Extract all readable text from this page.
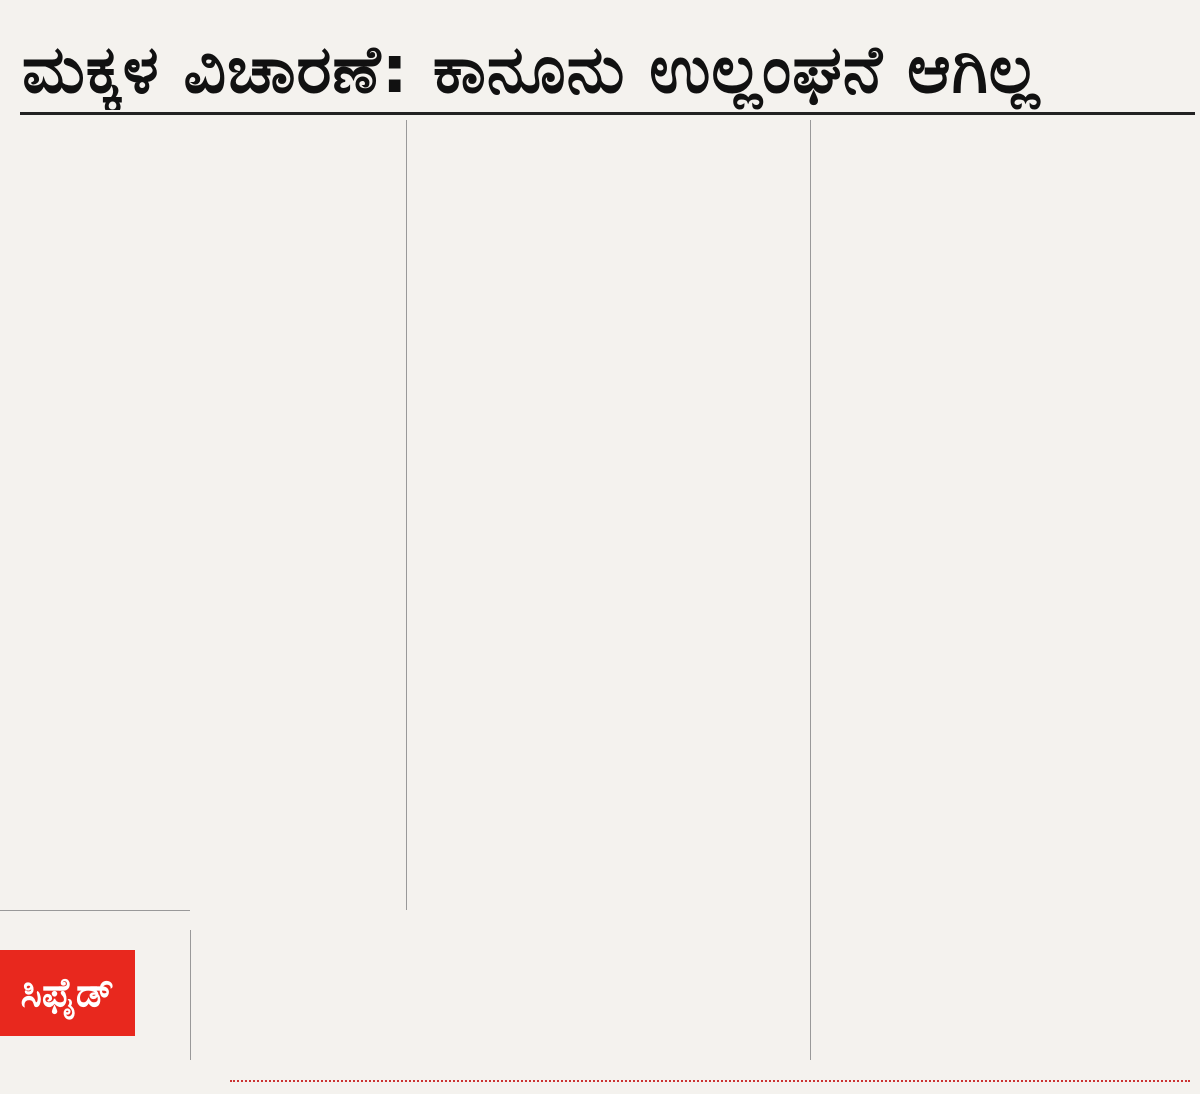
ಮಕ್ಕಳ ವಿಚಾರಣೆ: ಕಾನೂನು ಉಲ್ಲಂಘನೆ ಆಗಿಲ್ಲ
ಸಿಫೈಡ್
